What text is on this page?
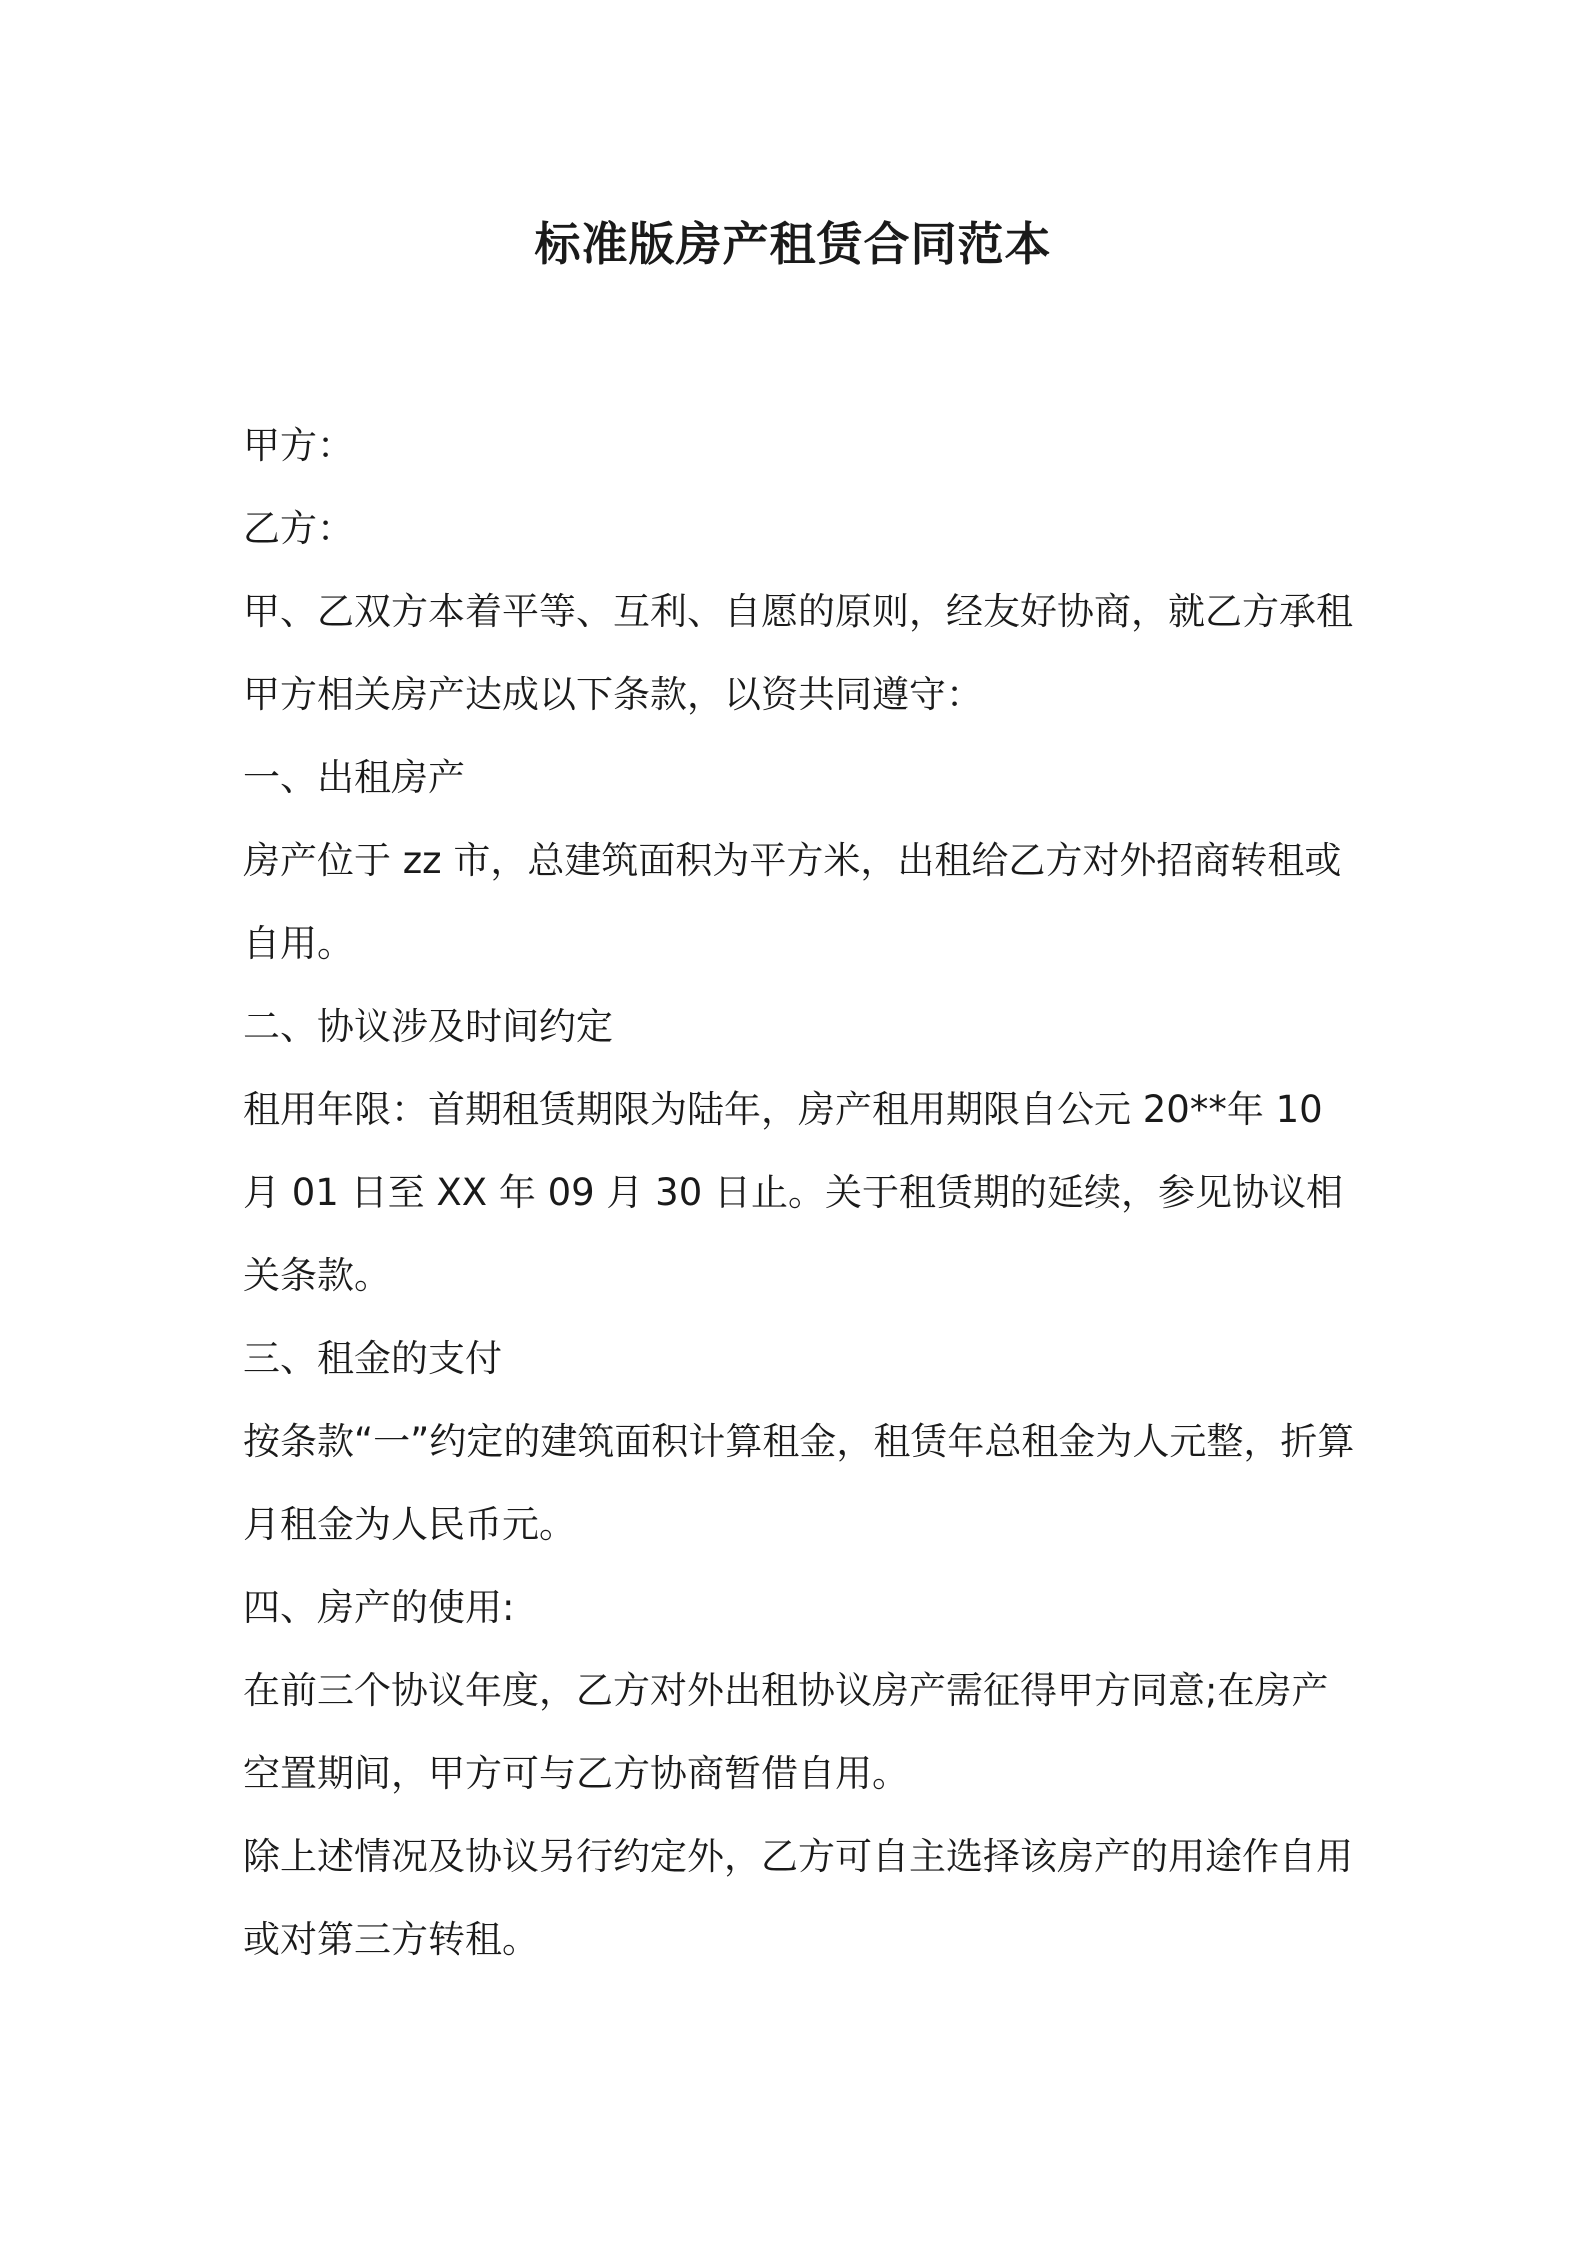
标准版房产租赁合同范本

甲方：

乙方：

甲、乙双方本着平等、互利、自愿的原则，经友好协商，就乙方承租甲方相关房产达成以下条款，以资共同遵守：

一、出租房产

房产位于 zz 市，总建筑面积为平方米，出租给乙方对外招商转租或自用。

二、协议涉及时间约定

租用年限：首期租赁期限为陆年，房产租用期限自公元 20**年 10 月 01 日至 XX 年 09 月 30 日止。关于租赁期的延续，参见协议相关条款。

三、租金的支付

按条款“一”约定的建筑面积计算租金，租赁年总租金为人元整，折算月租金为人民币元。

四、房产的使用:

在前三个协议年度，乙方对外出租协议房产需征得甲方同意;在房产空置期间，甲方可与乙方协商暂借自用。

除上述情况及协议另行约定外，乙方可自主选择该房产的用途作自用或对第三方转租。
